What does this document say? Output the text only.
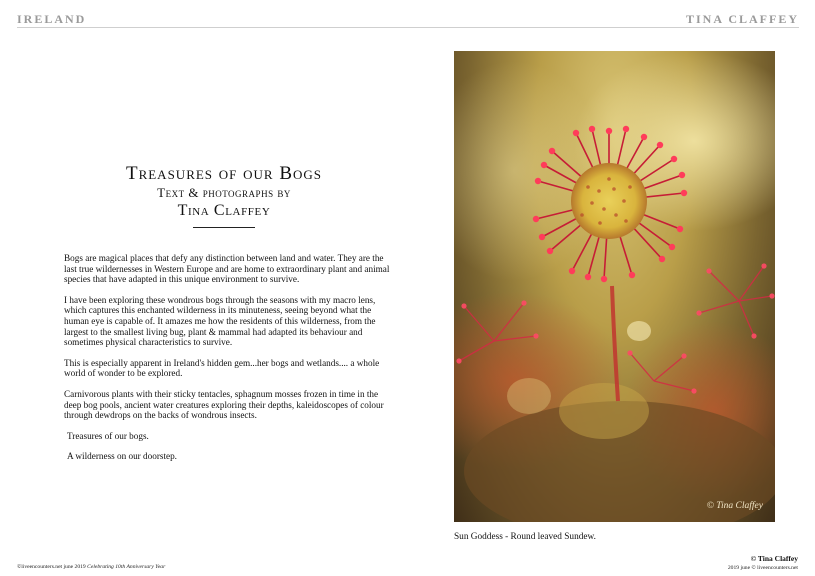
IRELAND	TINA CLAFFEY
Treasures of our Bogs
Text & photographs by
Tina Claffey

Bogs are magical places that defy any distinction between land and water. They are the last true wildernesses in Western Europe and are home to extraordinary plant and animal species that have adapted in this unique environment to survive.

I have been exploring these wondrous bogs through the seasons with my macro lens, which captures this enchanted wilderness in its minuteness, seeing beyond what the human eye is capable of. It amazes me how the residents of this wilderness, from the largest to the smallest living bug, plant & mammal had adapted its behaviour and sometimes physical characteristics to survive.

This is especially apparent in Ireland's hidden gem...her bogs and wetlands.... a whole world of wonder to be explored.

Carnivorous plants with their sticky tentacles, sphagnum mosses frozen in time in the deep bog pools, ancient water creatures exploring their depths, kaleidoscopes of colour through dewdrops on the backs of wondrous insects.

Treasures of our bogs.

A wilderness on our doorstep.

© Tina Claffey
Sun Goddess - Round leaved Sundew.
©liveencounters.net june 2019 Celebrating 10th Anniversary Year
© Tina Claffey
2019 june © liveencounters.net
